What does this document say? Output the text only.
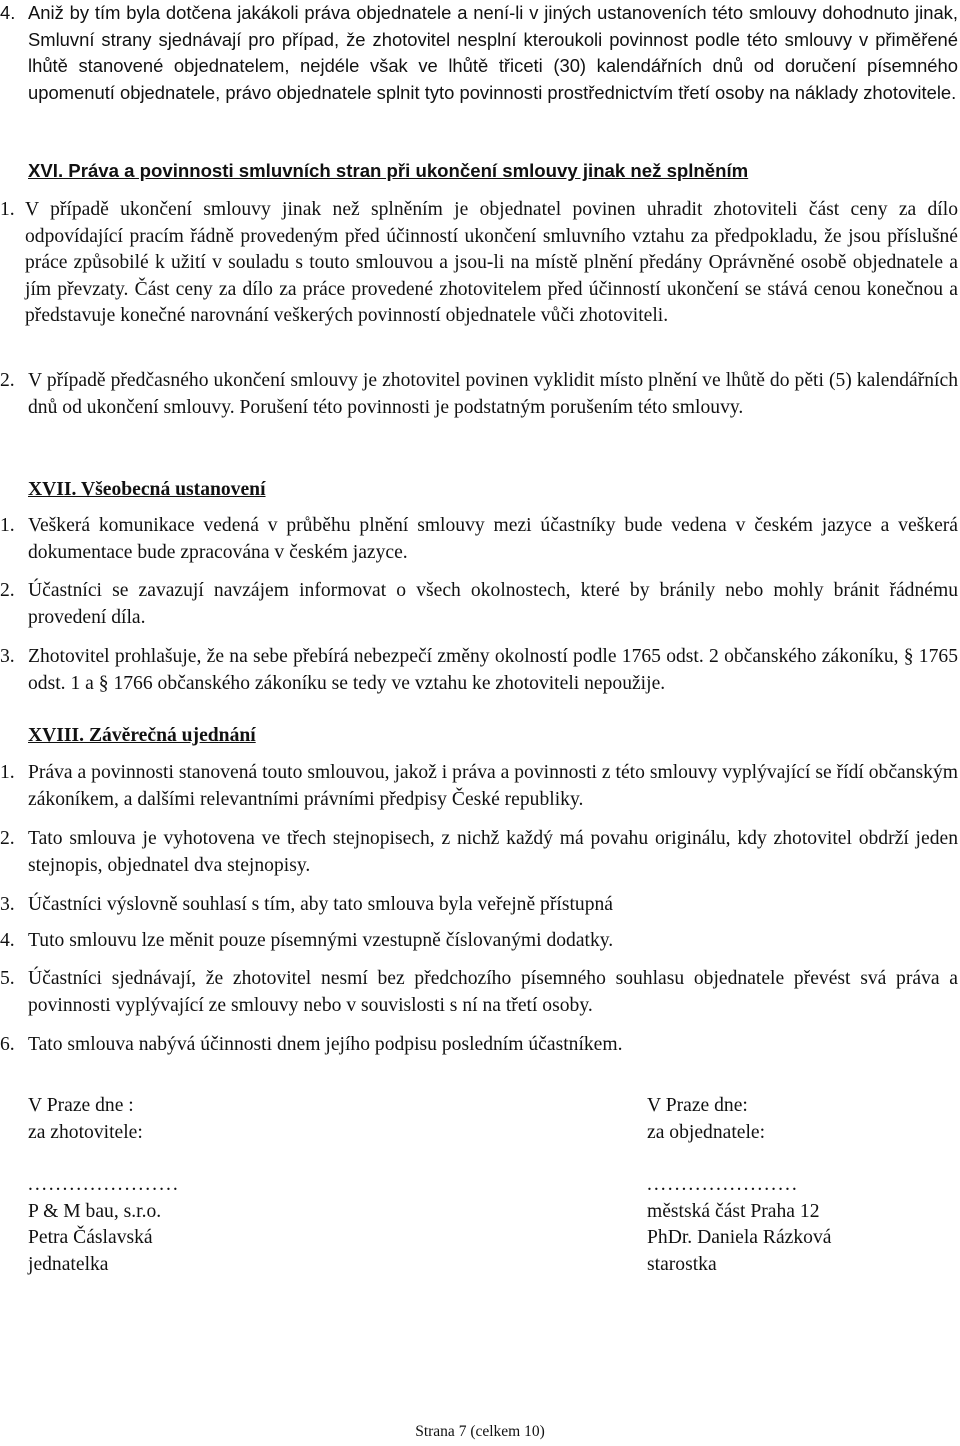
4. Aniž by tím byla dotčena jakákoli práva objednatele a není-li v jiných ustanoveních této smlouvy dohodnuto jinak, Smluvní strany sjednávají pro případ, že zhotovitel nesplní kteroukoli povinnost podle této smlouvy v přiměřené lhůtě stanovené objednatelem, nejdéle však ve lhůtě třiceti (30) kalendářních dnů od doručení písemného upomenutí objednatele, právo objednatele splnit tyto povinnosti prostřednictvím třetí osoby na náklady zhotovitele.
XVI. Práva a povinnosti smluvních stran při ukončení smlouvy jinak než splněním
1. V případě ukončení smlouvy jinak než splněním je objednatel povinen uhradit zhotoviteli část ceny za dílo odpovídající pracím řádně provedeným před účinností ukončení smluvního vztahu za předpokladu, že jsou příslušné práce způsobilé k užití v souladu s touto smlouvou a jsou-li na místě plnění předány Oprávněné osobě objednatele a jím převzaty. Část ceny za dílo za práce provedené zhotovitelem před účinností ukončení se stává cenou konečnou a představuje konečné narovnání veškerých povinností objednatele vůči zhotoviteli.
2. V případě předčasného ukončení smlouvy je zhotovitel povinen vyklidit místo plnění ve lhůtě do pěti (5) kalendářních dnů od ukončení smlouvy. Porušení této povinnosti je podstatným porušením této smlouvy.
XVII. Všeobecná ustanovení
1. Veškerá komunikace vedená v průběhu plnění smlouvy mezi účastníky bude vedena v českém jazyce a veškerá dokumentace bude zpracována v českém jazyce.
2. Účastníci se zavazují navzájem informovat o všech okolnostech, které by bránily nebo mohly bránit řádnému provedení díla.
3. Zhotovitel prohlašuje, že na sebe přebírá nebezpečí změny okolností podle 1765 odst. 2 občanského zákoníku, § 1765 odst. 1 a § 1766 občanského zákoníku se tedy ve vztahu ke zhotoviteli nepoužije.
XVIII. Závěrečná ujednání
1. Práva a povinnosti stanovená touto smlouvou, jakož i práva a povinnosti z této smlouvy vyplývající se řídí občanským zákoníkem, a dalšími relevantními právními předpisy České republiky.
2. Tato smlouva je vyhotovena ve třech stejnopisech, z nichž každý má povahu originálu, kdy zhotovitel obdrží jeden stejnopis, objednatel dva stejnopisy.
3. Účastníci výslovně souhlasí s tím, aby tato smlouva byla veřejně přístupná
4. Tuto smlouvu lze měnit pouze písemnými vzestupně číslovanými dodatky.
5. Účastníci sjednávají, že zhotovitel nesmí bez předchozího písemného souhlasu objednatele převést svá práva a povinnosti vyplývající ze smlouvy nebo v souvislosti s ní na třetí osoby.
6. Tato smlouva nabývá účinnosti dnem jejího podpisu posledním účastníkem.
V Praze dne :
za zhotovitele:
......................
P & M bau, s.r.o.
Petra Čáslavská
jednatelka
V Praze dne:
za objednatele:
......................
městská část Praha 12
PhDr. Daniela Rázková
starostka
Strana 7 (celkem 10)
